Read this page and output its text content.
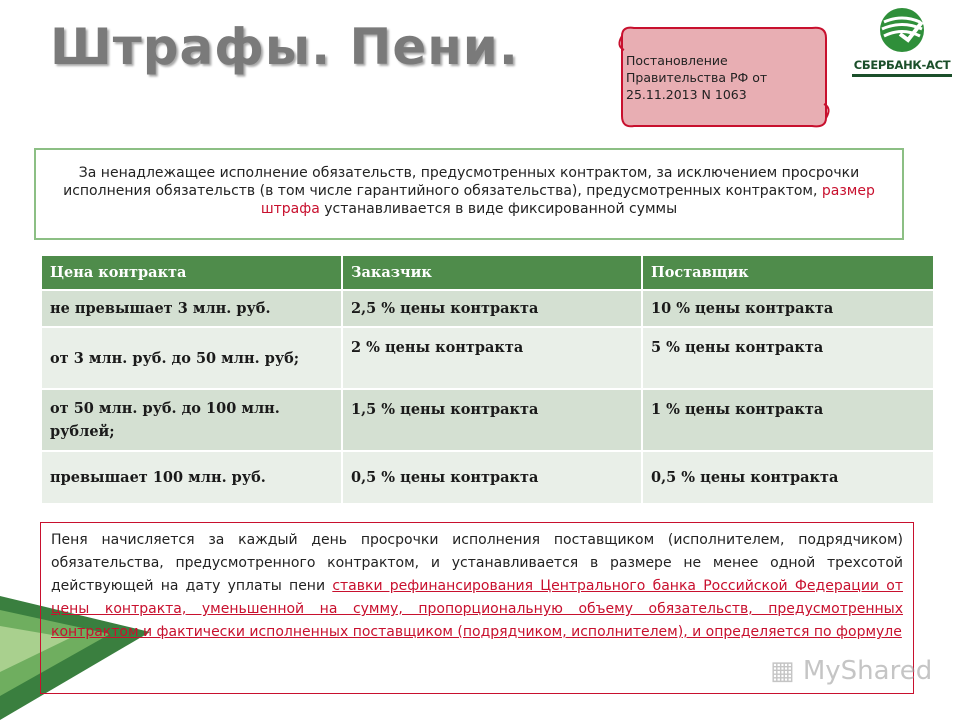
Штрафы. Пени.	Постановление
Правительства РФ от
25.11.2013 N 1063
СБЕРБАНК-АСТ
За ненадлежащее исполнение обязательств, предусмотренных контрактом, за исключением просрочки исполнения обязательств (в том числе гарантийного обязательства), предусмотренных контрактом, размер штрафа устанавливается в виде фиксированной суммы
Цена контракта	Заказчик	Поставщик
не превышает 3 млн. руб.	2,5 % цены контракта	10 % цены контракта
от 3 млн. руб. до 50 млн. руб;	2 % цены контракта	5 % цены контракта
от 50 млн. руб. до 100 млн. рублей;	1,5 % цены контракта	1 % цены контракта
превышает 100 млн. руб.	0,5 % цены контракта	0,5 % цены контракта
Пеня начисляется за каждый день просрочки исполнения поставщиком (исполнителем, подрядчиком) обязательства, предусмотренного контрактом, и устанавливается в размере не менее одной трехсотой действующей на дату уплаты пени ставки рефинансирования Центрального банка Российской Федерации от цены контракта, уменьшенной на сумму, пропорциональную объему обязательств, предусмотренных контрактом и фактически исполненных поставщиком (подрядчиком, исполнителем), и определяется по формуле
▦ MyShared
